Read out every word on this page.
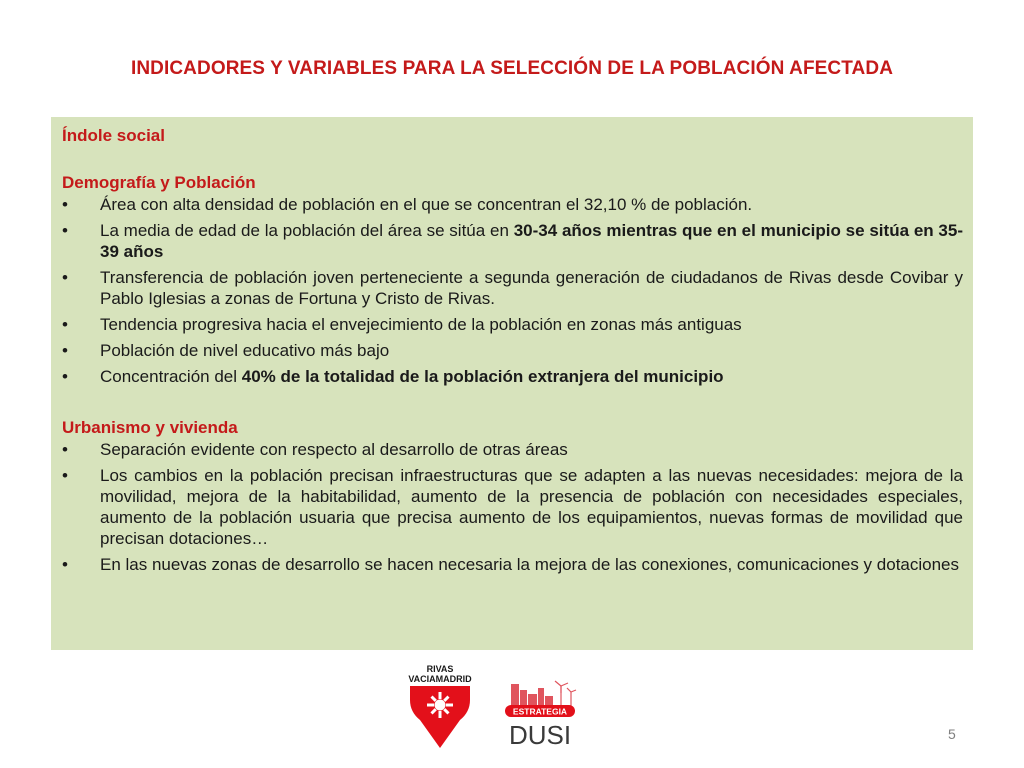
INDICADORES Y VARIABLES PARA LA SELECCIÓN DE LA POBLACIÓN AFECTADA
Índole social
Demografía y Población
• Área con alta densidad de población en el que se concentran el 32,10 % de población.
• La media de edad de la población del área se sitúa en 30-34 años mientras que en el municipio se sitúa en 35-39 años
• Transferencia de población joven perteneciente a segunda generación de ciudadanos de Rivas desde Covibar y Pablo Iglesias a zonas de Fortuna y Cristo de Rivas.
• Tendencia progresiva hacia el envejecimiento de la población en zonas más antiguas
• Población de nivel educativo más bajo
• Concentración del 40% de la totalidad de la población extranjera del municipio
Urbanismo y vivienda
• Separación evidente con respecto al desarrollo de otras áreas
• Los cambios en la población precisan infraestructuras que se adapten a las nuevas necesidades: mejora de la movilidad, mejora de la habitabilidad, aumento de la presencia de población con necesidades especiales, aumento de la población usuaria que precisa aumento de los equipamientos, nuevas formas de movilidad que precisan dotaciones…
• En las nuevas zonas de desarrollo se hacen necesaria la mejora de las conexiones, comunicaciones y dotaciones
RIVAS
VACIAMADRID
ESTRATEGIA
DUSI	5
